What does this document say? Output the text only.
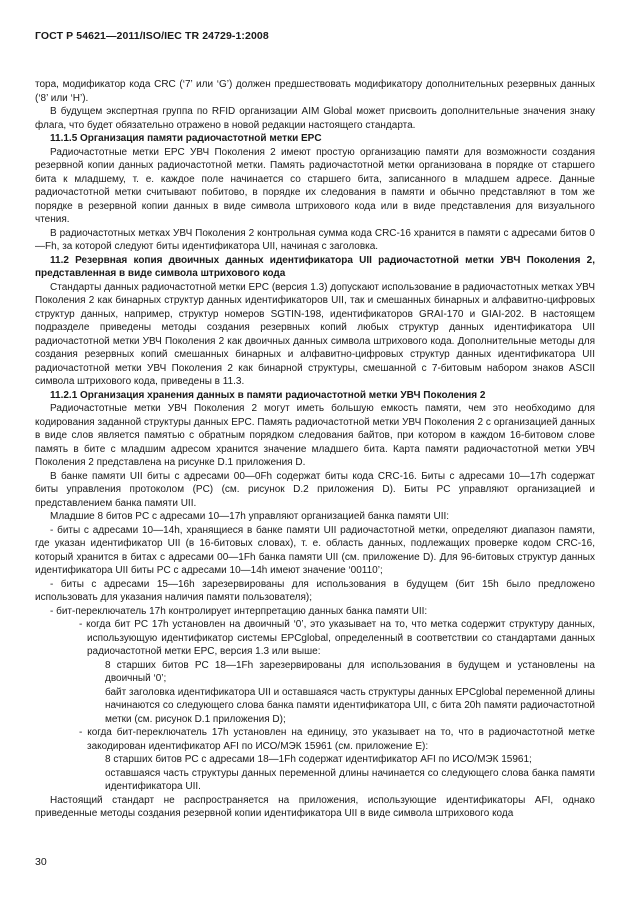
ГОСТ Р 54621—2011/ISO/IEC TR 24729-1:2008

тора, модификатор кода CRC (‘7’ или ‘G’) должен предшествовать модификатору дополнительных резервных данных (‘8’ или ‘H’).

В будущем экспертная группа по RFID организации AIM Global может присвоить дополнительные значения знаку флага, что будет обязательно отражено в новой редакции настоящего стандарта.

11.1.5 Организация памяти радиочастотной метки EPC

Радиочастотные метки EPC УВЧ Поколения 2 имеют простую организацию памяти для возможности создания резервной копии данных радиочастотной метки. Память радиочастотной метки организована в порядке от старшего бита к младшему, т. е. каждое поле начинается со старшего бита, записанного в младшем адресе. Данные радиочастотной метки считывают побитово, в порядке их следования в памяти и обычно представляют в том же порядке в резервной копии данных в виде символа штрихового кода или в виде представления для визуального чтения.

В радиочастотных метках УВЧ Поколения 2 контрольная сумма кода CRC-16 хранится в памяти с адресами битов 0—Fh, за которой следуют биты идентификатора UII, начиная с заголовка.

11.2 Резервная копия двоичных данных идентификатора UII радиочастотной метки УВЧ Поколения 2, представленная в виде символа штрихового кода

Стандарты данных радиочастотной метки EPC (версия 1.3) допускают использование в радиочастотных метках УВЧ Поколения 2 как бинарных структур данных идентификаторов UII, так и смешанных бинарных и алфавитно-цифровых структур данных, например, структур номеров SGTIN-198, идентификаторов GRAI-170 и GIAI-202. В настоящем подразделе приведены методы создания резервных копий любых структур данных идентификатора UII радиочастотной метки УВЧ Поколения 2 как двоичных данных символа штрихового кода. Дополнительные методы для создания резервных копий смешанных бинарных и алфавитно-цифровых структур данных идентификатора UII радиочастотной метки УВЧ Поколения 2 как бинарной структуры, смешанной с 7-битовым набором знаков ASCII символа штрихового кода, приведены в 11.3.

11.2.1 Организация хранения данных в памяти радиочастотной метки УВЧ Поколения 2

Радиочастотные метки УВЧ Поколения 2 могут иметь большую емкость памяти, чем это необходимо для кодирования заданной структуры данных EPC. Память радиочастотной метки УВЧ Поколения 2 с организацией данных в виде слов является памятью с обратным порядком следования байтов, при котором в каждом 16-битовом слове память в бите с младшим адресом хранится значение младшего бита. Карта памяти радиочастотной метки УВЧ Поколения 2 представлена на рисунке D.1 приложения D.

В банке памяти UII биты с адресами 00—0Fh содержат биты кода CRC-16. Биты с адресами 10—17h содержат биты управления протоколом (PC) (см. рисунок D.2 приложения D). Биты PC управляют организацией и представлением банка памяти UII.

Младшие 8 битов PC с адресами 10—17h управляют организацией банка памяти UII:

- биты с адресами 10—14h, хранящиеся в банке памяти UII радиочастотной метки, определяют диапазон памяти, где указан идентификатор UII (в 16-битовых словах), т. е. область данных, подлежащих проверке кодом CRC-16, который хранится в битах с адресами 00—1Fh банка памяти UII (см. приложение D). Для 96-битовых структур данных идентификатора UII биты PC с адресами 10—14h имеют значение ‘00110’;

- биты с адресами 15—16h зарезервированы для использования в будущем (бит 15h было предложено использовать для указания наличия памяти пользователя);

- бит-переключатель 17h контролирует интерпретацию данных банка памяти UII:

- когда бит PC 17h установлен на двоичный ‘0’, это указывает на то, что метка содержит структуру данных, использующую идентификатор системы EPCglobal, определенный в соответствии со стандартами данных радиочастотной метки EPC, версия 1.3 или выше:

8 старших битов PC 18—1Fh зарезервированы для использования в будущем и установлены на двоичный ‘0’;

байт заголовка идентификатора UII и оставшаяся часть структуры данных EPCglobal переменной длины начинаются со следующего слова банка памяти идентификатора UII, с бита 20h памяти радиочастотной метки (см. рисунок D.1 приложения D);

- когда бит-переключатель 17h установлен на единицу, это указывает на то, что в радиочастотной метке закодирован идентификатор AFI по ИСО/МЭК 15961 (см. приложение E):

8 старших битов PC с адресами 18—1Fh содержат идентификатор AFI по ИСО/МЭК 15961;

оставшаяся часть структуры данных переменной длины начинается со следующего слова банка памяти идентификатора UII.

Настоящий стандарт не распространяется на приложения, использующие идентификаторы AFI, однако приведенные методы создания резервной копии идентификатора UII в виде символа штрихового кода

30
